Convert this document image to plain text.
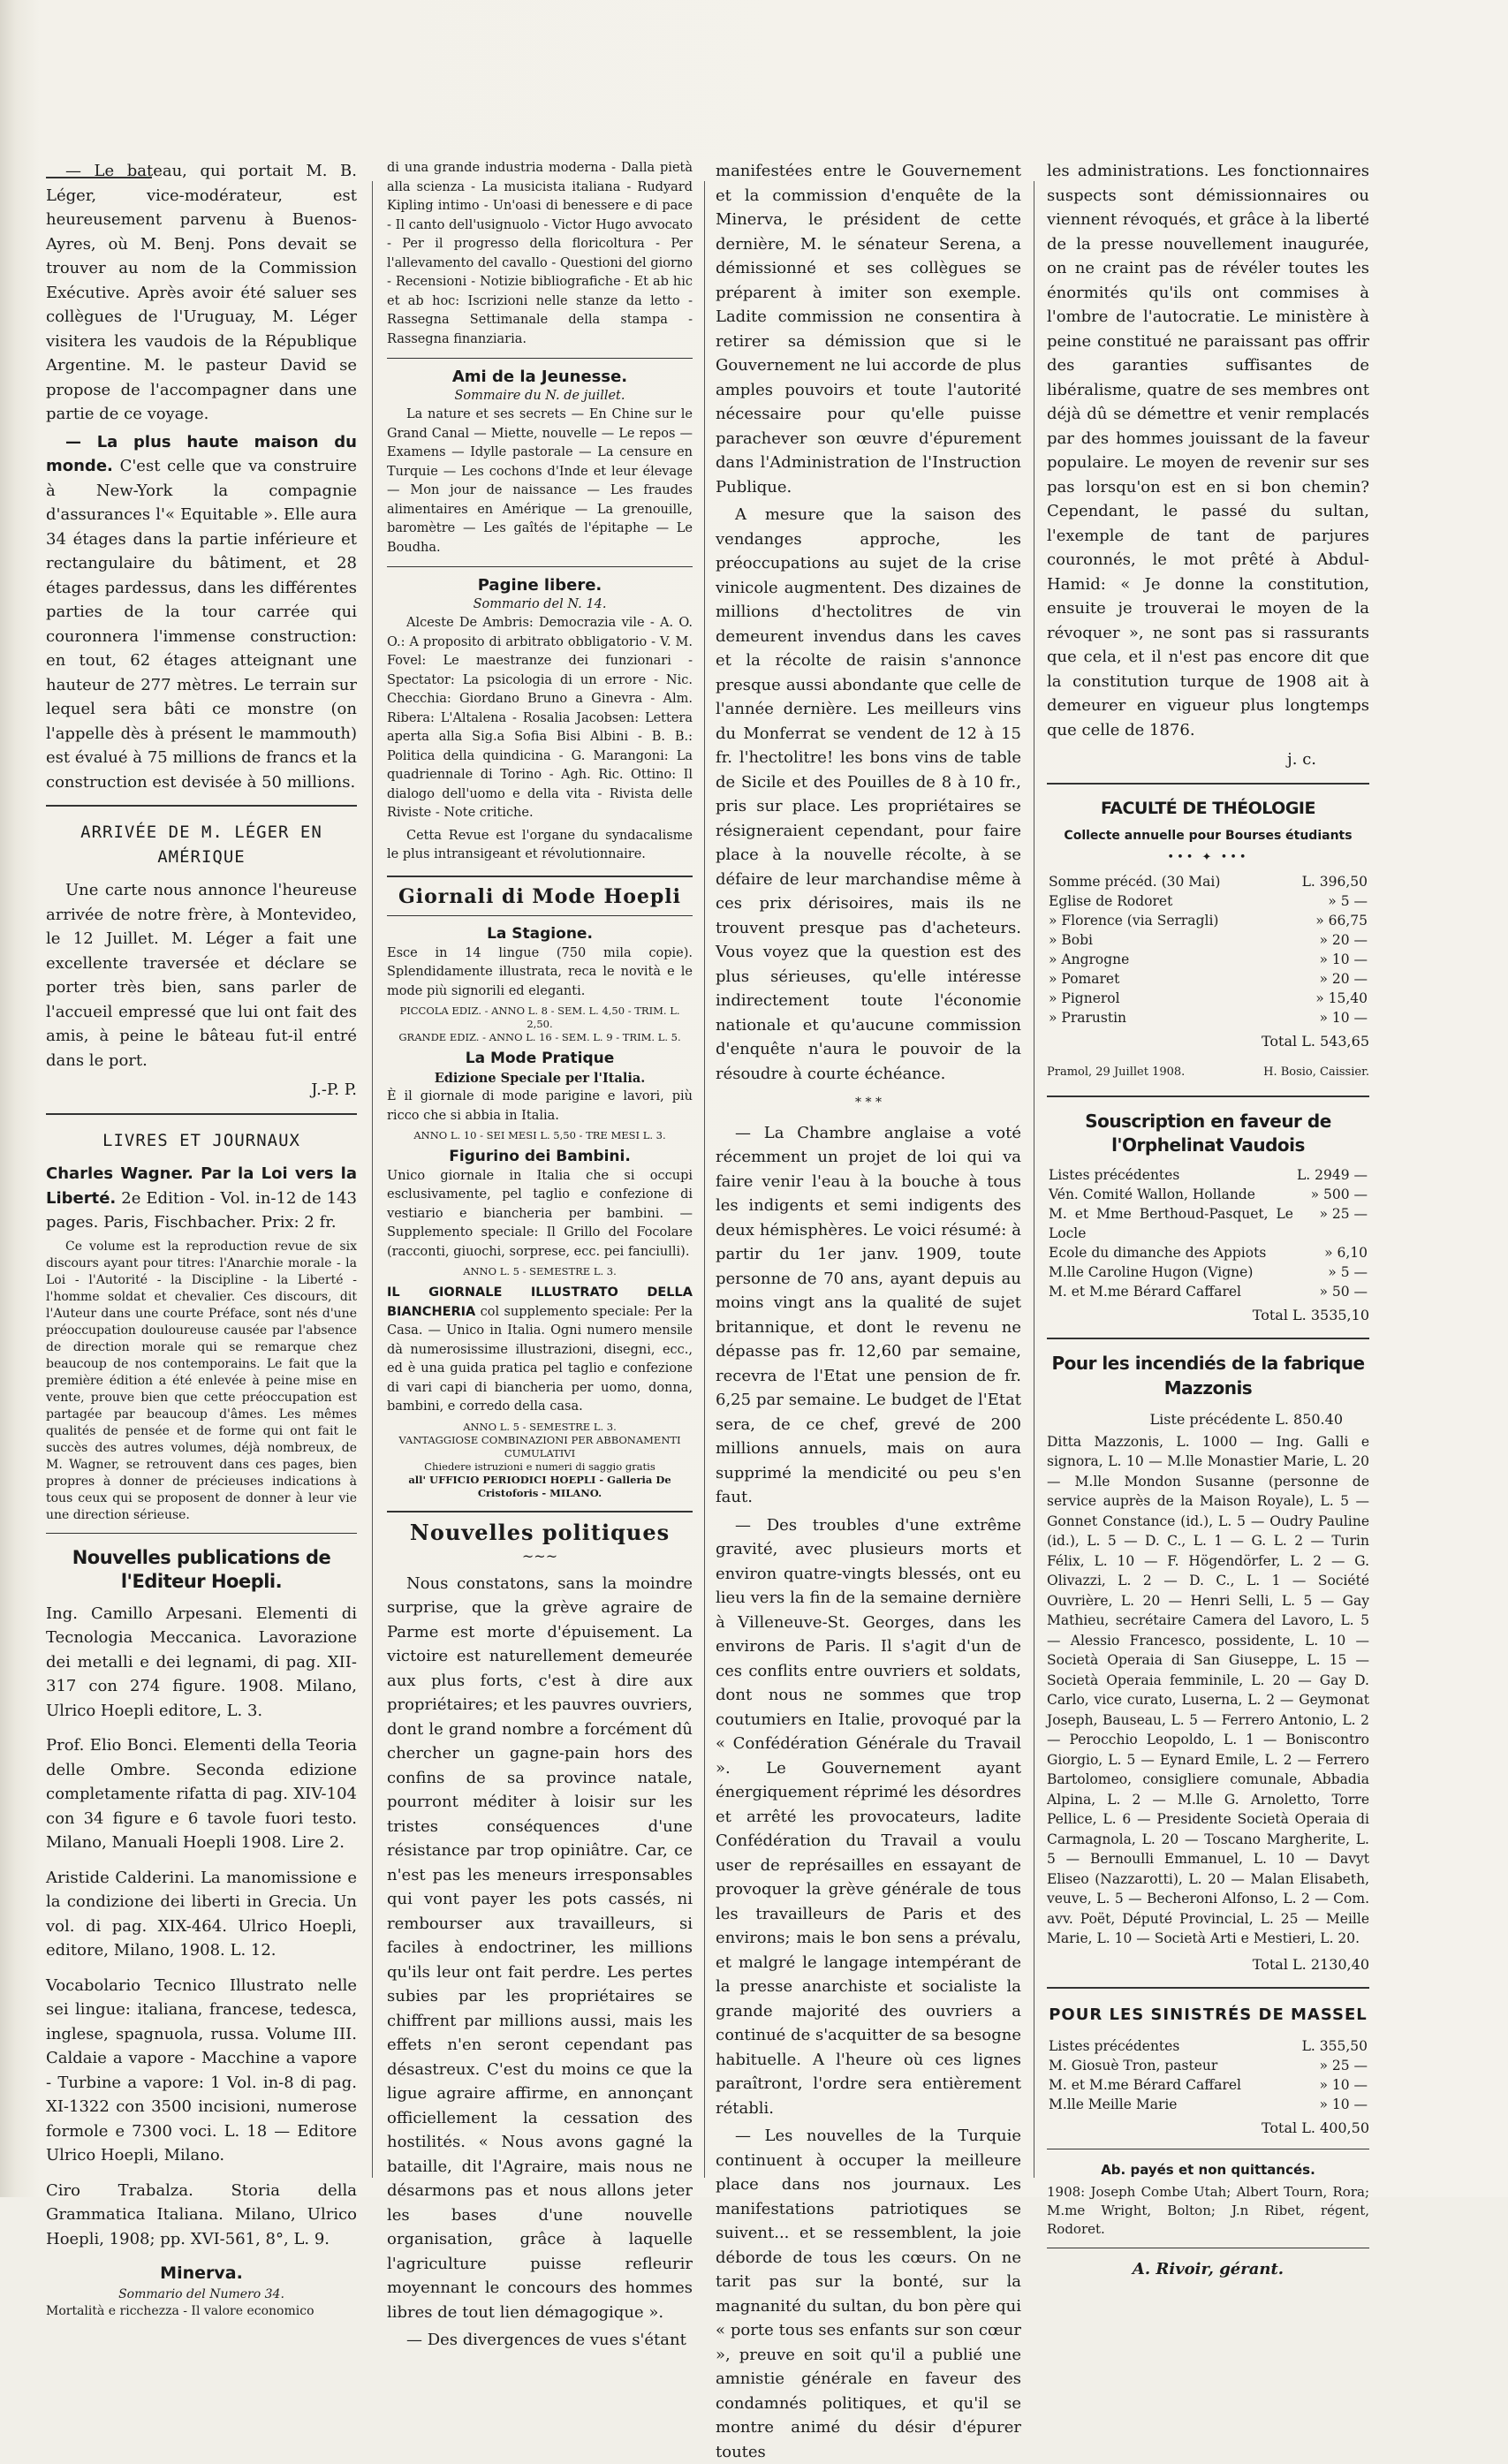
— Le bateau, qui portait M. B. Léger, vice-modérateur, est heureusement parvenu à Buenos-Ayres, où M. Benj. Pons devait se trouver au nom de la Commission Exécutive. Après avoir été saluer ses collègues de l'Uruguay, M. Léger visitera les vaudois de la République Argentine. M. le pasteur David se propose de l'accompagner dans une partie de ce voyage.

— La plus haute maison du monde. C'est celle que va construire à New-York la compagnie d'assurances l'« Equitable ». Elle aura 34 étages dans la partie inférieure et rectangulaire du bâtiment, et 28 étages pardessus, dans les différentes parties de la tour carrée qui couronnera l'immense construction: en tout, 62 étages atteignant une hauteur de 277 mètres. Le terrain sur lequel sera bâti ce monstre (on l'appelle dès à présent le mammouth) est évalué à 75 millions de francs et la construction est devisée à 50 millions.

ARRIVÉE DE M. LÉGER EN AMÉRIQUE

Une carte nous annonce l'heureuse arrivée de notre frère, à Montevideo, le 12 Juillet. M. Léger a fait une excellente traversée et déclare se porter très bien, sans parler de l'accueil empressé que lui ont fait des amis, à peine le bâteau fut-il entré dans le port.

J.-P. P.
LIVRES ET JOURNAUX

Charles Wagner. Par la Loi vers la Liberté. 2e Edition - Vol. in-12 de 143 pages. Paris, Fischbacher. Prix: 2 fr.

Ce volume est la reproduction revue de six discours ayant pour titres: l'Anarchie morale - la Loi - l'Autorité - la Discipline - la Liberté - l'homme soldat et chevalier. Ces discours, dit l'Auteur dans une courte Préface, sont nés d'une préoccupation douloureuse causée par l'absence de direction morale qui se remarque chez beaucoup de nos contemporains. Le fait que la première édition a été enlevée à peine mise en vente, prouve bien que cette préoccupation est partagée par beaucoup d'âmes. Les mêmes qualités de pensée et de forme qui ont fait le succès des autres volumes, déjà nombreux, de M. Wagner, se retrouvent dans ces pages, bien propres à donner de précieuses indications à tous ceux qui se proposent de donner à leur vie une direction sérieuse.

Nouvelles publications de l'Editeur Hoepli.

Ing. Camillo Arpesani. Elementi di Tecnologia Meccanica. Lavorazione dei metalli e dei legnami, di pag. XII-317 con 274 figure. 1908. Milano, Ulrico Hoepli editore, L. 3.

Prof. Elio Bonci. Elementi della Teoria delle Ombre. Seconda edizione completamente rifatta di pag. XIV-104 con 34 figure e 6 tavole fuori testo. Milano, Manuali Hoepli 1908. Lire 2.

Aristide Calderini. La manomissione e la condizione dei liberti in Grecia. Un vol. di pag. XIX-464. Ulrico Hoepli, editore, Milano, 1908. L. 12.

Vocabolario Tecnico Illustrato nelle sei lingue: italiana, francese, tedesca, inglese, spagnuola, russa. Volume III. Caldaie a vapore - Macchine a vapore - Turbine a vapore: 1 Vol. in-8 di pag. XI-1322 con 3500 incisioni, numerose formole e 7300 voci. L. 18 — Editore Ulrico Hoepli, Milano.

Ciro Trabalza. Storia della Grammatica Italiana. Milano, Ulrico Hoepli, 1908; pp. XVI-561, 8°, L. 9.

Minerva.
Sommario del Numero 34.

Mortalità e ricchezza - Il valore economico

di una grande industria moderna - Dalla pietà alla scienza - La musicista italiana - Rudyard Kipling intimo - Un'oasi di benessere e di pace - Il canto dell'usignuolo - Victor Hugo avvocato - Per il progresso della floricoltura - Per l'allevamento del cavallo - Questioni del giorno - Recensioni - Notizie bibliografiche - Et ab hic et ab hoc: Iscrizioni nelle stanze da letto - Rassegna Settimanale della stampa - Rassegna finanziaria.

Ami de la Jeunesse.
Sommaire du N. de juillet.

La nature et ses secrets — En Chine sur le Grand Canal — Miette, nouvelle — Le repos — Examens — Idylle pastorale — La censure en Turquie — Les cochons d'Inde et leur élevage — Mon jour de naissance — Les fraudes alimentaires en Amérique — La grenouille, baromètre — Les gaîtés de l'épitaphe — Le Boudha.

Pagine libere.
Sommario del N. 14.

Alceste De Ambris: Democrazia vile - A. O. O.: A proposito di arbitrato obbligatorio - V. M. Fovel: Le maestranze dei funzionari - Spectator: La psicologia di un errore - Nic. Checchia: Giordano Bruno a Ginevra - Alm. Ribera: L'Altalena - Rosalia Jacobsen: Lettera aperta alla Sig.a Sofia Bisi Albini - B. B.: Politica della quindicina - G. Marangoni: La quadriennale di Torino - Agh. Ric. Ottino: Il dialogo dell'uomo e della vita - Rivista delle Riviste - Note critiche.

Cetta Revue est l'organe du syndacalisme le plus intransigeant et révolutionnaire.

Giornali di Mode Hoepli
La Stagione.

Esce in 14 lingue (750 mila copie). Splendidamente illustrata, reca le novità e le mode più signorili ed eleganti.

PICCOLA EDIZ. - ANNO L. 8 - SEM. L. 4,50 - TRIM. L. 2,50.
GRANDE EDIZ. - ANNO L. 16 - SEM. L. 9 - TRIM. L. 5.
La Mode Pratique
Edizione Speciale per l'Italia.

È il giornale di mode parigine e lavori, più ricco che si abbia in Italia.

ANNO L. 10 - SEI MESI L. 5,50 - TRE MESI L. 3.
Figurino dei Bambini.

Unico giornale in Italia che si occupi esclusivamente, pel taglio e confezione di vestiario e biancheria per bambini. — Supplemento speciale: Il Grillo del Focolare (racconti, giuochi, sorprese, ecc. pei fanciulli).

ANNO L. 5 - SEMESTRE L. 3.

IL GIORNALE ILLUSTRATO DELLA BIANCHERIA col supplemento speciale: Per la Casa. — Unico in Italia. Ogni numero mensile dà numerosissime illustrazioni, disegni, ecc., ed è una guida pratica pel taglio e confezione di vari capi di biancheria per uomo, donna, bambini, e corredo della casa.

ANNO L. 5 - SEMESTRE L. 3.
VANTAGGIOSE COMBINAZIONI PER ABBONAMENTI CUMULATIVI
Chiedere istruzioni e numeri di saggio gratis
all' UFFICIO PERIODICI HOEPLI - Galleria De Cristoforis - MILANO.
Nouvelles politiques
~~~

Nous constatons, sans la moindre surprise, que la grève agraire de Parme est morte d'épuisement. La victoire est naturellement demeurée aux plus forts, c'est à dire aux propriétaires; et les pauvres ouvriers, dont le grand nombre a forcément dû chercher un gagne-pain hors des confins de sa province natale, pourront méditer à loisir sur les tristes conséquences d'une résistance par trop opiniâtre. Car, ce n'est pas les meneurs irresponsables qui vont payer les pots cassés, ni rembourser aux travailleurs, si faciles à endoctriner, les millions qu'ils leur ont fait perdre. Les pertes subies par les propriétaires se chiffrent par millions aussi, mais les effets n'en seront cependant pas désastreux. C'est du moins ce que la ligue agraire affirme, en annonçant officiellement la cessation des hostilités. « Nous avons gagné la bataille, dit l'Agraire, mais nous ne désarmons pas et nous allons jeter les bases d'une nouvelle organisation, grâce à laquelle l'agriculture puisse refleurir moyennant le concours des hommes libres de tout lien démagogique ».

— Des divergences de vues s'étant

manifestées entre le Gouvernement et la commission d'enquête de la Minerva, le président de cette dernière, M. le sénateur Serena, a démissionné et ses collègues se préparent à imiter son exemple. Ladite commission ne consentira à retirer sa démission que si le Gouvernement ne lui accorde de plus amples pouvoirs et toute l'autorité nécessaire pour qu'elle puisse parachever son œuvre d'épurement dans l'Administration de l'Instruction Publique.

A mesure que la saison des vendanges approche, les préoccupations au sujet de la crise vinicole augmentent. Des dizaines de millions d'hectolitres de vin demeurent invendus dans les caves et la récolte de raisin s'annonce presque aussi abondante que celle de l'année dernière. Les meilleurs vins du Monferrat se vendent de 12 à 15 fr. l'hectolitre! les bons vins de table de Sicile et des Pouilles de 8 à 10 fr., pris sur place. Les propriétaires se résigneraient cependant, pour faire place à la nouvelle récolte, à se défaire de leur marchandise même à ces prix dérisoires, mais ils ne trouvent presque pas d'acheteurs. Vous voyez que la question est des plus sérieuses, qu'elle intéresse indirectement toute l'économie nationale et qu'aucune commission d'enquête n'aura le pouvoir de la résoudre à courte échéance.

* * *

— La Chambre anglaise a voté récemment un projet de loi qui va faire venir l'eau à la bouche à tous les indigents et semi indigents des deux hémisphères. Le voici résumé: à partir du 1er janv. 1909, toute personne de 70 ans, ayant depuis au moins vingt ans la qualité de sujet britannique, et dont le revenu ne dépasse pas fr. 12,60 par semaine, recevra de l'Etat une pension de fr. 6,25 par semaine. Le budget de l'Etat sera, de ce chef, grevé de 200 millions annuels, mais on aura supprimé la mendicité ou peu s'en faut.

— Des troubles d'une extrême gravité, avec plusieurs morts et environ quatre-vingts blessés, ont eu lieu vers la fin de la semaine dernière à Villeneuve-St. Georges, dans les environs de Paris. Il s'agit d'un de ces conflits entre ouvriers et soldats, dont nous ne sommes que trop coutumiers en Italie, provoqué par la « Confédération Générale du Travail ». Le Gouvernement ayant énergiquement réprimé les désordres et arrêté les provocateurs, ladite Confédération du Travail a voulu user de représailles en essayant de provoquer la grève générale de tous les travailleurs de Paris et des environs; mais le bon sens a prévalu, et malgré le langage intempérant de la presse anarchiste et socialiste la grande majorité des ouvriers a continué de s'acquitter de sa besogne habituelle. A l'heure où ces lignes paraîtront, l'ordre sera entièrement rétabli.

— Les nouvelles de la Turquie continuent à occuper la meilleure place dans nos journaux. Les manifestations patriotiques se suivent... et se ressemblent, la joie déborde de tous les cœurs. On ne tarit pas sur la bonté, sur la magnanité du sultan, du bon père qui « porte tous ses enfants sur son cœur », preuve en soit qu'il a publié une amnistie générale en faveur des condamnés politiques, et qu'il se montre animé du désir d'épurer toutes

les administrations. Les fonctionnaires suspects sont démissionnaires ou viennent révoqués, et grâce à la liberté de la presse nouvellement inaugurée, on ne craint pas de révéler toutes les énormités qu'ils ont commises à l'ombre de l'autocratie. Le ministère à peine constitué ne paraissant pas offrir des garanties suffisantes de libéralisme, quatre de ses membres ont déjà dû se démettre et venir remplacés par des hommes jouissant de la faveur populaire. Le moyen de revenir sur ses pas lorsqu'on est en si bon chemin? Cependant, le passé du sultan, l'exemple de tant de parjures couronnés, le mot prêté à Abdul-Hamid: « Je donne la constitution, ensuite je trouverai le moyen de la révoquer », ne sont pas si rassurants que cela, et il n'est pas encore dit que la constitution turque de 1908 ait à demeurer en vigueur plus longtemps que celle de 1876.

j. c.
FACULTÉ DE THÉOLOGIE
Collecte annuelle pour Bourses étudiants
••• ✦ •••
Somme précéd. (30 Mai)	L. 396,50
Eglise de Rodoret	» 5 —
» Florence (via Serragli)	» 66,75
» Bobi	» 20 —
» Angrogne	» 10 —
» Pomaret	» 20 —
» Pignerol	» 15,40
» Prarustin	» 10 —
Total L. 543,65
Pramol, 29 Juillet 1908.	H. Bosio, Caissier.
Souscription en faveur de l'Orphelinat Vaudois
Listes précédentes	L. 2949 —
Vén. Comité Wallon, Hollande	» 500 —
M. et Mme Berthoud-Pasquet, Le Locle	» 25 —
Ecole du dimanche des Appiots	» 6,10
M.lle Caroline Hugon (Vigne)	» 5 —
M. et M.me Bérard Caffarel	» 50 —
Total L. 3535,10
Pour les incendiés de la fabrique Mazzonis
Liste précédente L. 850.40

Ditta Mazzonis, L. 1000 — Ing. Galli e signora, L. 10 — M.lle Monastier Marie, L. 20 — M.lle Mondon Susanne (personne de service auprès de la Maison Royale), L. 5 — Gonnet Constance (id.), L. 5 — Oudry Pauline (id.), L. 5 — D. C., L. 1 — G. L. 2 — Turin Félix, L. 10 — F. Högendörfer, L. 2 — G. Olivazzi, L. 2 — D. C., L. 1 — Société Ouvrière, L. 20 — Henri Selli, L. 5 — Gay Mathieu, secrétaire Camera del Lavoro, L. 5 — Alessio Francesco, possidente, L. 10 — Società Operaia di San Giuseppe, L. 15 — Società Operaia femminile, L. 20 — Gay D. Carlo, vice curato, Luserna, L. 2 — Geymonat Joseph, Bauseau, L. 5 — Ferrero Antonio, L. 2 — Perocchio Leopoldo, L. 1 — Boniscontro Giorgio, L. 5 — Eynard Emile, L. 2 — Ferrero Bartolomeo, consigliere comunale, Abbadia Alpina, L. 2 — M.lle G. Arnoletto, Torre Pellice, L. 6 — Presidente Società Operaia di Carmagnola, L. 20 — Toscano Margherite, L. 5 — Bernoulli Emmanuel, L. 10 — Davyt Eliseo (Nazzarotti), L. 20 — Malan Elisabeth, veuve, L. 5 — Becheroni Alfonso, L. 2 — Com. avv. Poët, Député Provincial, L. 25 — Meille Marie, L. 10 — Società Arti e Mestieri, L. 20.

Total L. 2130,40
POUR LES SINISTRÉS DE MASSEL
Listes précédentes	L. 355,50
M. Giosuè Tron, pasteur	» 25 —
M. et M.me Bérard Caffarel	» 10 —
M.lle Meille Marie	» 10 —
Total L. 400,50
Ab. payés et non quittancés.

1908: Joseph Combe Utah; Albert Tourn, Rora; M.me Wright, Bolton; J.n Ribet, régent, Rodoret.

A. Rivoir, gérant.
